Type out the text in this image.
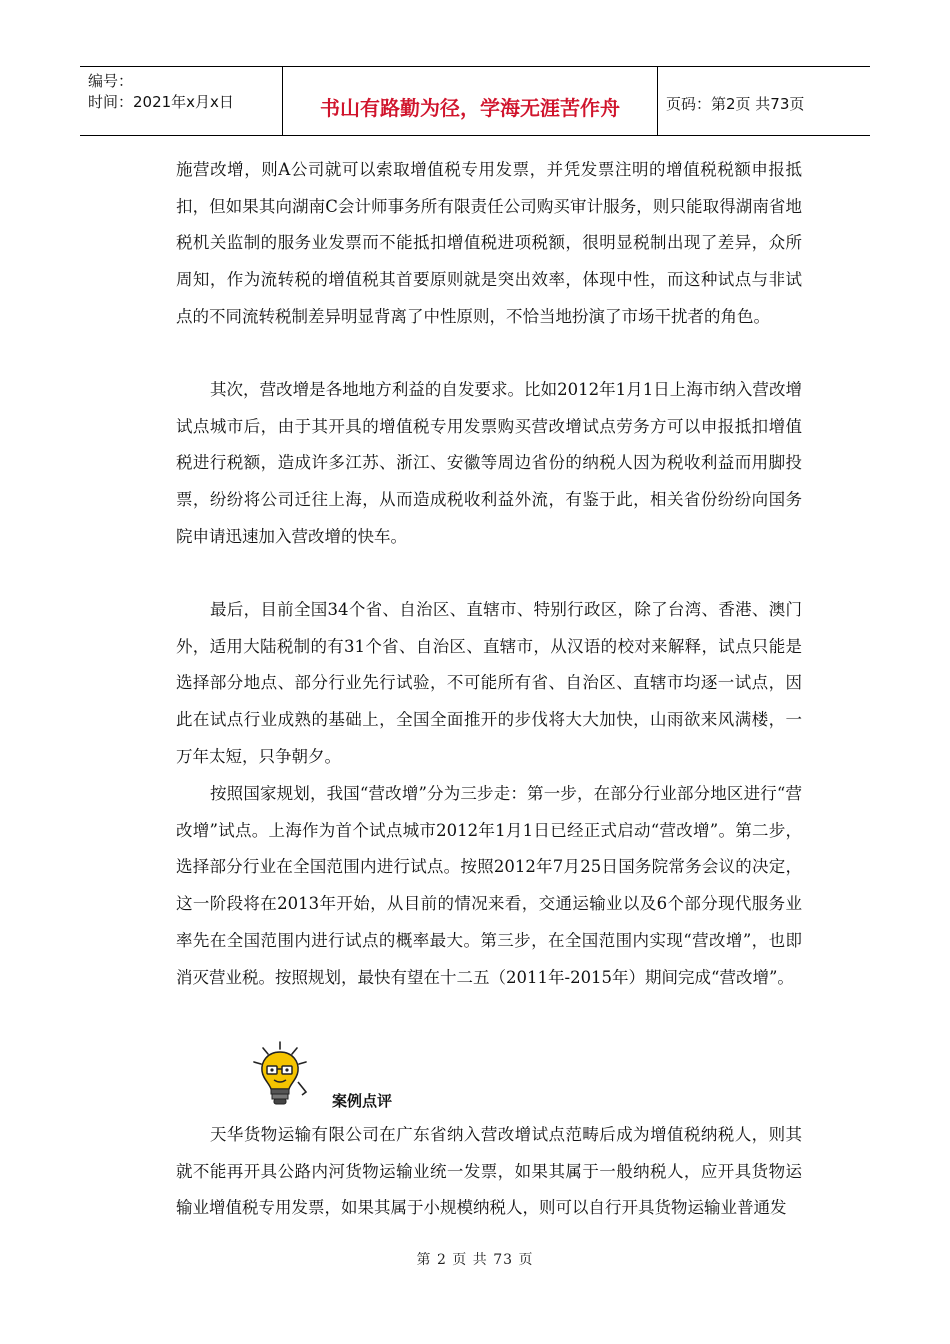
编号：
时间：2021年x月x日	书山有路勤为径，学海无涯苦作舟	页码：第2页 共73页

施营改增，则A公司就可以索取增值税专用发票，并凭发票注明的增值税税额申报抵扣，但如果其向湖南C会计师事务所有限责任公司购买审计服务，则只能取得湖南省地税机关监制的服务业发票而不能抵扣增值税进项税额，很明显税制出现了差异，众所周知，作为流转税的增值税其首要原则就是突出效率，体现中性，而这种试点与非试点的不同流转税制差异明显背离了中性原则，不恰当地扮演了市场干扰者的角色。

其次，营改增是各地地方利益的自发要求。比如2012年1月1日上海市纳入营改增试点城市后，由于其开具的增值税专用发票购买营改增试点劳务方可以申报抵扣增值税进行税额，造成许多江苏、浙江、安徽等周边省份的纳税人因为税收利益而用脚投票，纷纷将公司迁往上海，从而造成税收利益外流，有鉴于此，相关省份纷纷向国务院申请迅速加入营改增的快车。

最后，目前全国34个省、自治区、直辖市、特别行政区，除了台湾、香港、澳门外，适用大陆税制的有31个省、自治区、直辖市，从汉语的校对来解释，试点只能是选择部分地点、部分行业先行试验，不可能所有省、自治区、直辖市均逐一试点，因此在试点行业成熟的基础上，全国全面推开的步伐将大大加快，山雨欲来风满楼，一万年太短，只争朝夕。

按照国家规划，我国“营改增”分为三步走：第一步，在部分行业部分地区进行“营改增”试点。上海作为首个试点城市2012年1月1日已经正式启动“营改增”。第二步，选择部分行业在全国范围内进行试点。按照2012年7月25日国务院常务会议的决定，这一阶段将在2013年开始，从目前的情况来看，交通运输业以及6个部分现代服务业率先在全国范围内进行试点的概率最大。第三步，在全国范围内实现“营改增”，也即消灭营业税。按照规划，最快有望在十二五（2011年-2015年）期间完成“营改增”。

案例点评

天华货物运输有限公司在广东省纳入营改增试点范畴后成为增值税纳税人，则其就不能再开具公路内河货物运输业统一发票，如果其属于一般纳税人，应开具货物运输业增值税专用发票，如果其属于小规模纳税人，则可以自行开具货物运输业普通发

第 2 页 共 73 页
